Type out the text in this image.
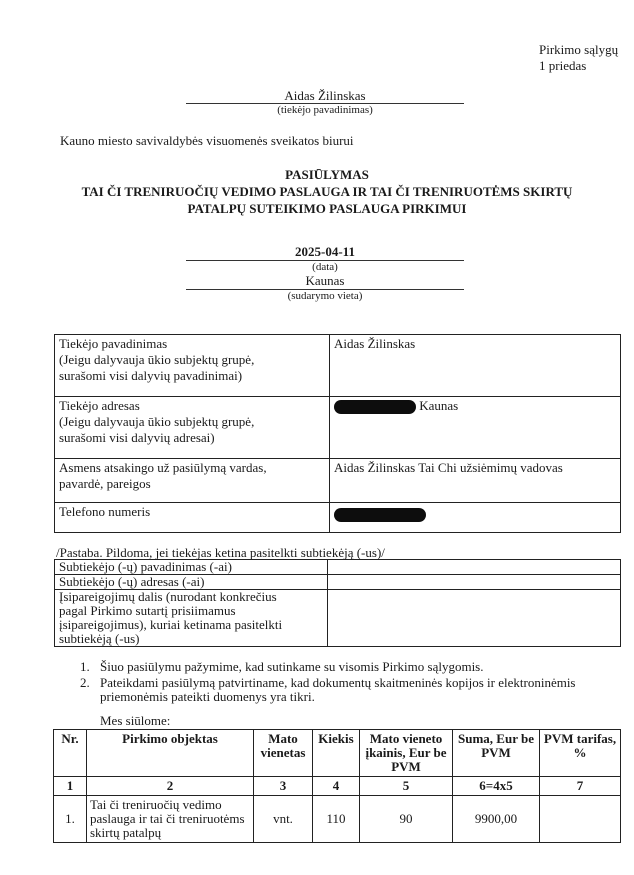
Pirkimo sąlygų
1 priedas
Aidas Žilinskas
(tiekėjo pavadinimas)
Kauno miesto savivaldybės visuomenės sveikatos biurui
PASIŪLYMAS
TAI ČI TRENIRUOČIŲ VEDIMO PASLAUGA IR TAI ČI TRENIRUOTĖMS SKIRTŲ
PATALPŲ SUTEIKIMO PASLAUGA PIRKIMUI
2025-04-11
(data)
Kaunas
(sudarymo vieta)
Tiekėjo pavadinimas
(Jeigu dalyvauja ūkio subjektų grupė,
surašomi visi dalyvių pavadinimai)	Aidas Žilinskas

Tiekėjo adresas
(Jeigu dalyvauja ūkio subjektų grupė,
surašomi visi dalyvių adresai)	Kaunas

Asmens atsakingo už pasiūlymą vardas,
pavardė, pareigos	Aidas Žilinskas Tai Chi užsiėmimų vadovas

Telefono numeris	

/Pastaba. Pildoma, jei tiekėjas ketina pasitelkti subtiekėją (-us)/
Subtiekėjo (-ų) pavadinimas (-ai)	

Subtiekėjo (-ų) adresas (-ai)	

Įsipareigojimų dalis (nurodant konkrečius
pagal Pirkimo sutartį prisiimamus
įsipareigojimus), kuriai ketinama pasitelkti
subtiekėją (-us)	

1. Šiuo pasiūlymu pažymime, kad sutinkame su visomis Pirkimo sąlygomis.
2. Pateikdami pasiūlymą patvirtiname, kad dokumentų skaitmeninės kopijos ir elektroninėmis priemonėmis pateikti duomenys yra tikri.
Mes siūlome:
Nr.	Pirkimo objektas	Mato vienetas	Kiekis	Mato vieneto įkainis, Eur be PVM	Suma, Eur be PVM	PVM tarifas, %
1	2	3	4	5	6=4x5	7
1.	Tai či treniruočių vedimo paslauga ir tai či treniruotėms skirtų patalpų	vnt.	110	90	9900,00	
